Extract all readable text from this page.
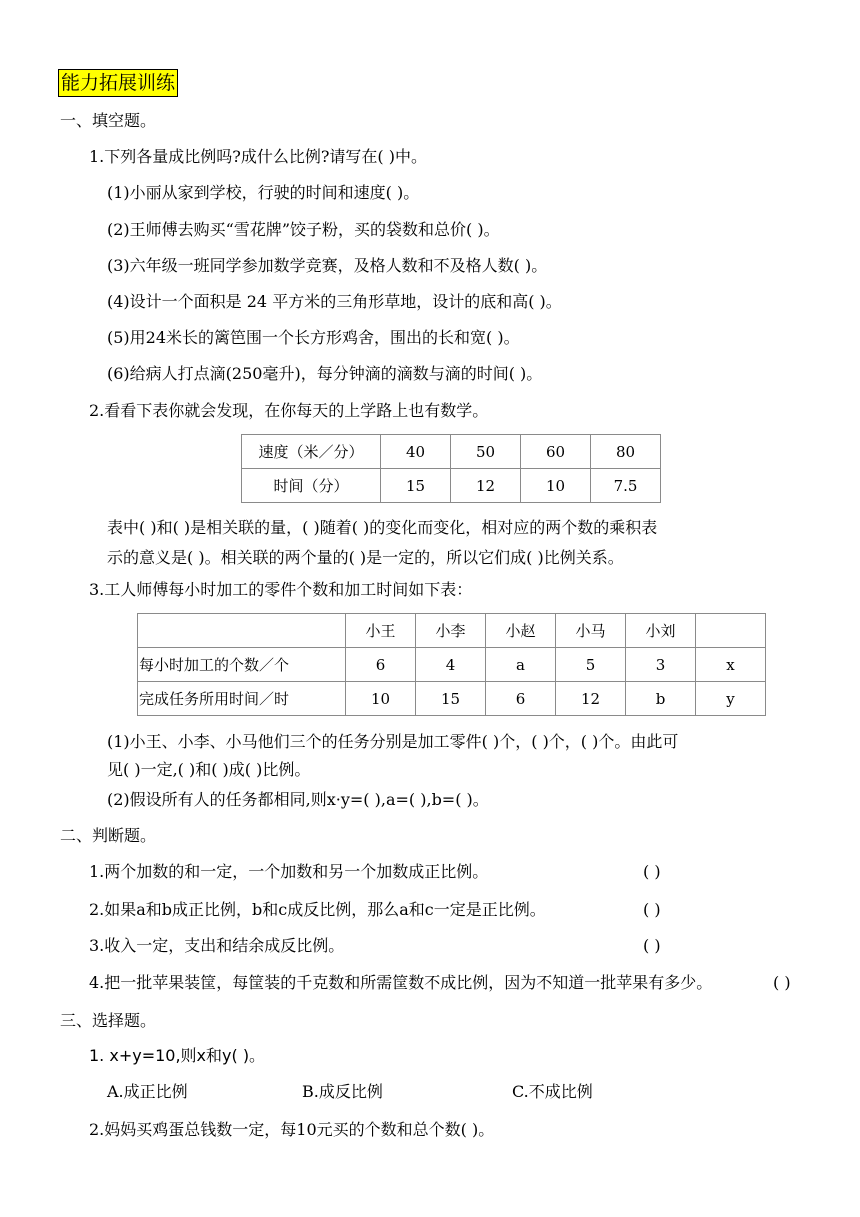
能力拓展训练
一、填空题。
1.下列各量成比例吗?成什么比例?请写在( )中。
(1)小丽从家到学校，行驶的时间和速度( )。
(2)王师傅去购买“雪花牌”饺子粉，买的袋数和总价( )。
(3)六年级一班同学参加数学竞赛，及格人数和不及格人数( )。
(4)设计一个面积是 24 平方米的三角形草地，设计的底和高( )。
(5)用24米长的篱笆围一个长方形鸡舍，围出的长和宽( )。
(6)给病人打点滴(250毫升)，每分钟滴的滴数与滴的时间( )。
2.看看下表你就会发现，在你每天的上学路上也有数学。
速度（米／分）	40	50	60	80
时间（分）	15	12	10	7.5
表中( )和( )是相关联的量，( )随着( )的变化而变化，相对应的两个数的乘积表
示的意义是( )。相关联的两个量的( )是一定的，所以它们成( )比例关系。
3.工人师傅每小时加工的零件个数和加工时间如下表：
	小王	小李	小赵	小马	小刘	
每小时加工的个数／个	6	4	a	5	3	x
完成任务所用时间／时	10	15	6	12	b	y
(1)小王、小李、小马他们三个的任务分别是加工零件( )个，( )个，( )个。由此可
见( )一定,( )和( )成( )比例。
(2)假设所有人的任务都相同,则x·y=( ),a=( ),b=( )。
二、判断题。
1.两个加数的和一定，一个加数和另一个加数成正比例。	( )
2.如果a和b成正比例，b和c成反比例，那么a和c一定是正比例。	( )
3.收入一定，支出和结余成反比例。	( )
4.把一批苹果装筐，每筐装的千克数和所需筐数不成比例，因为不知道一批苹果有多少。	( )
三、选择题。
1. x+y=10,则x和y( )。
A.成正比例	B.成反比例	C.不成比例
2.妈妈买鸡蛋总钱数一定，每10元买的个数和总个数( )。
